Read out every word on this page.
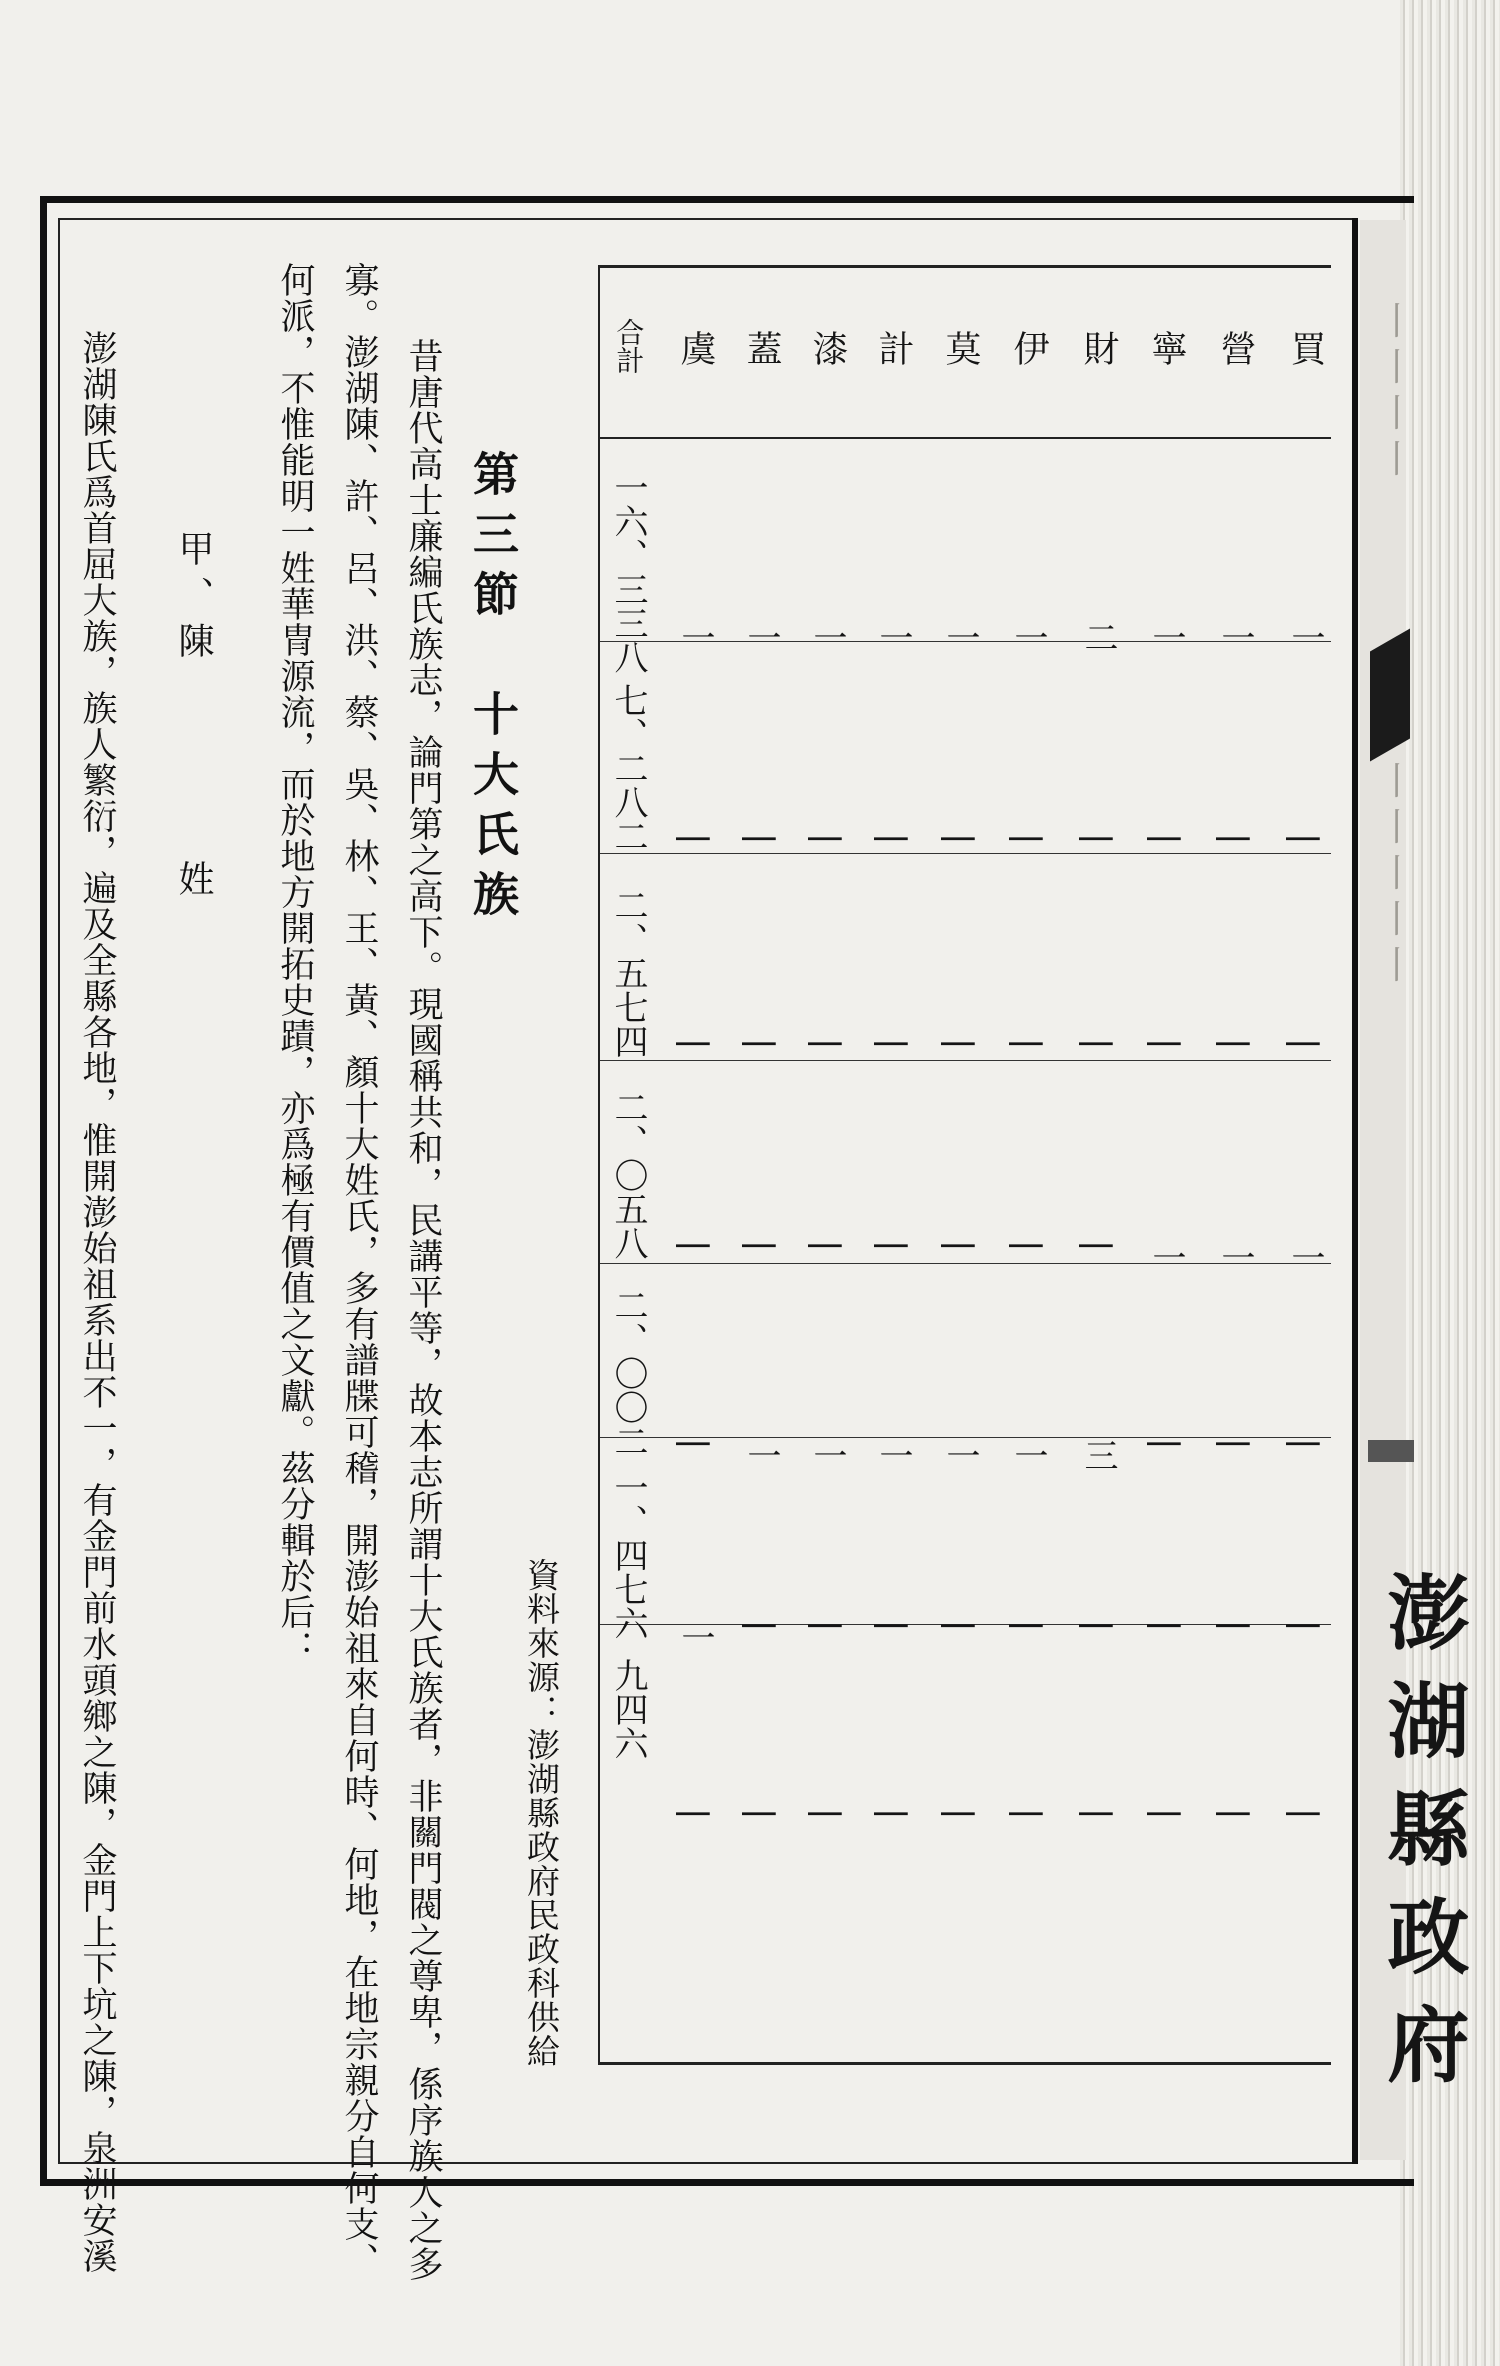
〡〡〡〡
〡〡〡〡〡
澎湖縣政府
合計 虞 蓋 漆 計 莫 伊 財 寧 營 買
一六、三三八 一 一 一 一 一 一 二 一 一 一
七、二八二 | | | | | | | | | |
二、五七四 | | | | | | | | | |
二、〇五八 | | | | | | | 一 一 一
二、〇〇二 | 一 一 一 一 一 三 | | |
一、四七六 一 | | | | | | | | |
九四六
| | | | | | | | | |
資料來源：澎湖縣政府民政科供給
第三節　十大氏族
昔唐代高士廉編氏族志，論門第之高下。現國稱共和，民講平等，故本志所謂十大氏族者，非關門閥之尊卑，係序族人之多
寡。澎湖陳、許、呂、洪、蔡、吳、林、王、黃、顏十大姓氏，多有譜牒可稽，開澎始祖來自何時、何地，在地宗親分自何支、
何派，不惟能明一姓華冑源流，而於地方開拓史蹟，亦爲極有價值之文獻。茲分輯於后：
甲、陳
姓
澎湖陳氏爲首屈大族，族人繁衍，遍及全縣各地，惟開澎始祖系出不一，有金門前水頭鄉之陳，金門上下坑之陳，泉洲安溪
